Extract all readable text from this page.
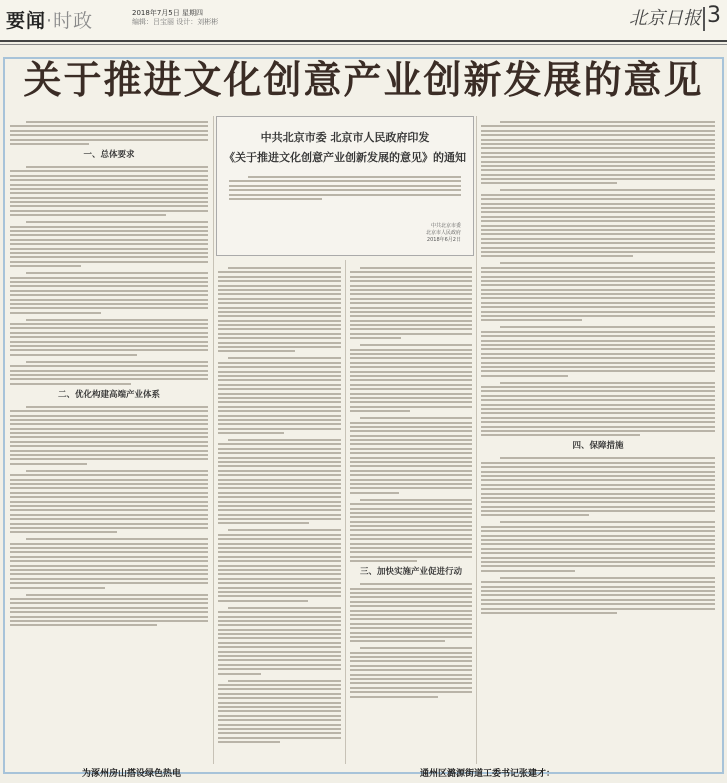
要闻·时政	2018年7月5日 星期四
编辑：吕宝丽 设计：刘彬彬	北京日报 3
关于推进文化创意产业创新发展的意见
一、总体要求
二、优化构建高端产业体系
中共北京市委 北京市人民政府印发
《关于推进文化创意产业创新发展的意见》的通知
中共北京市委
北京市人民政府
2018年6月2日
三、加快实施产业促进行动
四、保障措施
为涿州房山搭设绿色热电	通州区潞源街道工委书记张建才：
